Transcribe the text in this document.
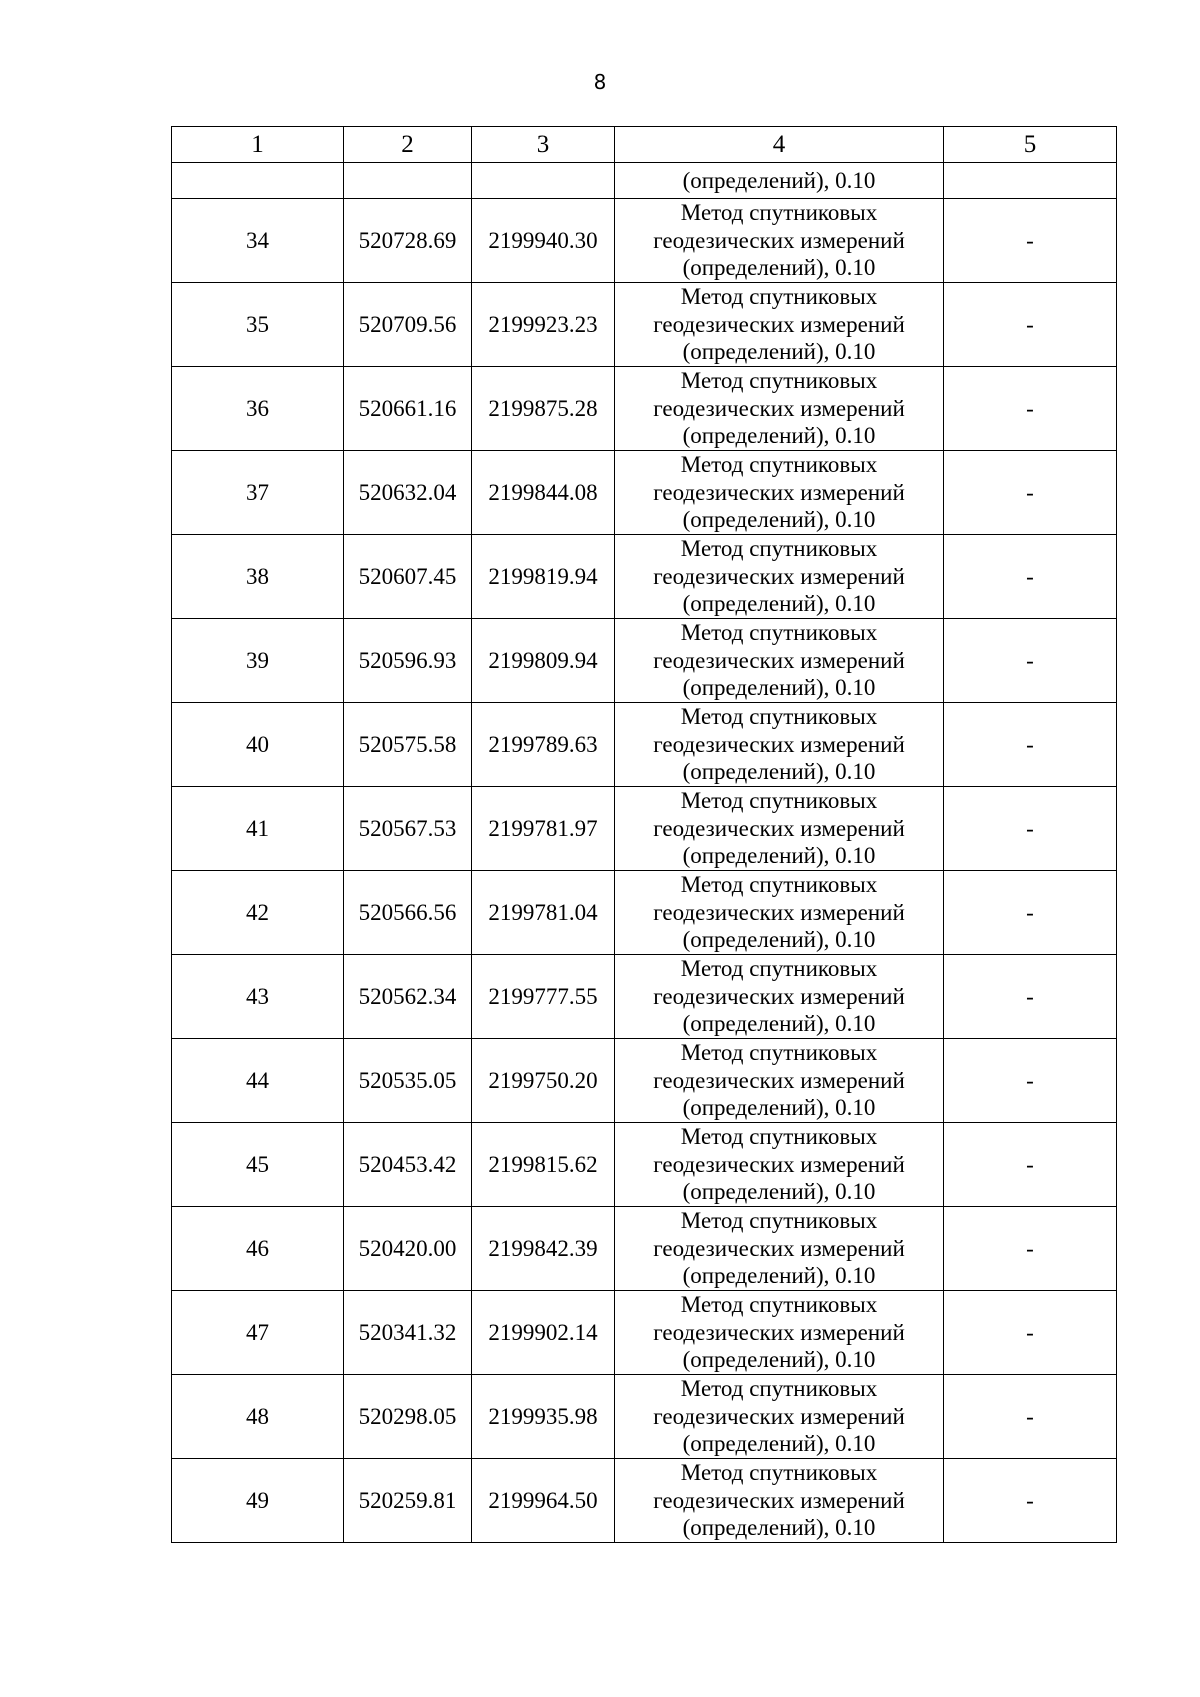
8
1	2	3	4	5
			(определений), 0.10	
34	520728.69	2199940.30	Метод спутниковых
геодезических измерений
(определений), 0.10	-
35	520709.56	2199923.23	Метод спутниковых
геодезических измерений
(определений), 0.10	-
36	520661.16	2199875.28	Метод спутниковых
геодезических измерений
(определений), 0.10	-
37	520632.04	2199844.08	Метод спутниковых
геодезических измерений
(определений), 0.10	-
38	520607.45	2199819.94	Метод спутниковых
геодезических измерений
(определений), 0.10	-
39	520596.93	2199809.94	Метод спутниковых
геодезических измерений
(определений), 0.10	-
40	520575.58	2199789.63	Метод спутниковых
геодезических измерений
(определений), 0.10	-
41	520567.53	2199781.97	Метод спутниковых
геодезических измерений
(определений), 0.10	-
42	520566.56	2199781.04	Метод спутниковых
геодезических измерений
(определений), 0.10	-
43	520562.34	2199777.55	Метод спутниковых
геодезических измерений
(определений), 0.10	-
44	520535.05	2199750.20	Метод спутниковых
геодезических измерений
(определений), 0.10	-
45	520453.42	2199815.62	Метод спутниковых
геодезических измерений
(определений), 0.10	-
46	520420.00	2199842.39	Метод спутниковых
геодезических измерений
(определений), 0.10	-
47	520341.32	2199902.14	Метод спутниковых
геодезических измерений
(определений), 0.10	-
48	520298.05	2199935.98	Метод спутниковых
геодезических измерений
(определений), 0.10	-
49	520259.81	2199964.50	Метод спутниковых
геодезических измерений
(определений), 0.10	-
